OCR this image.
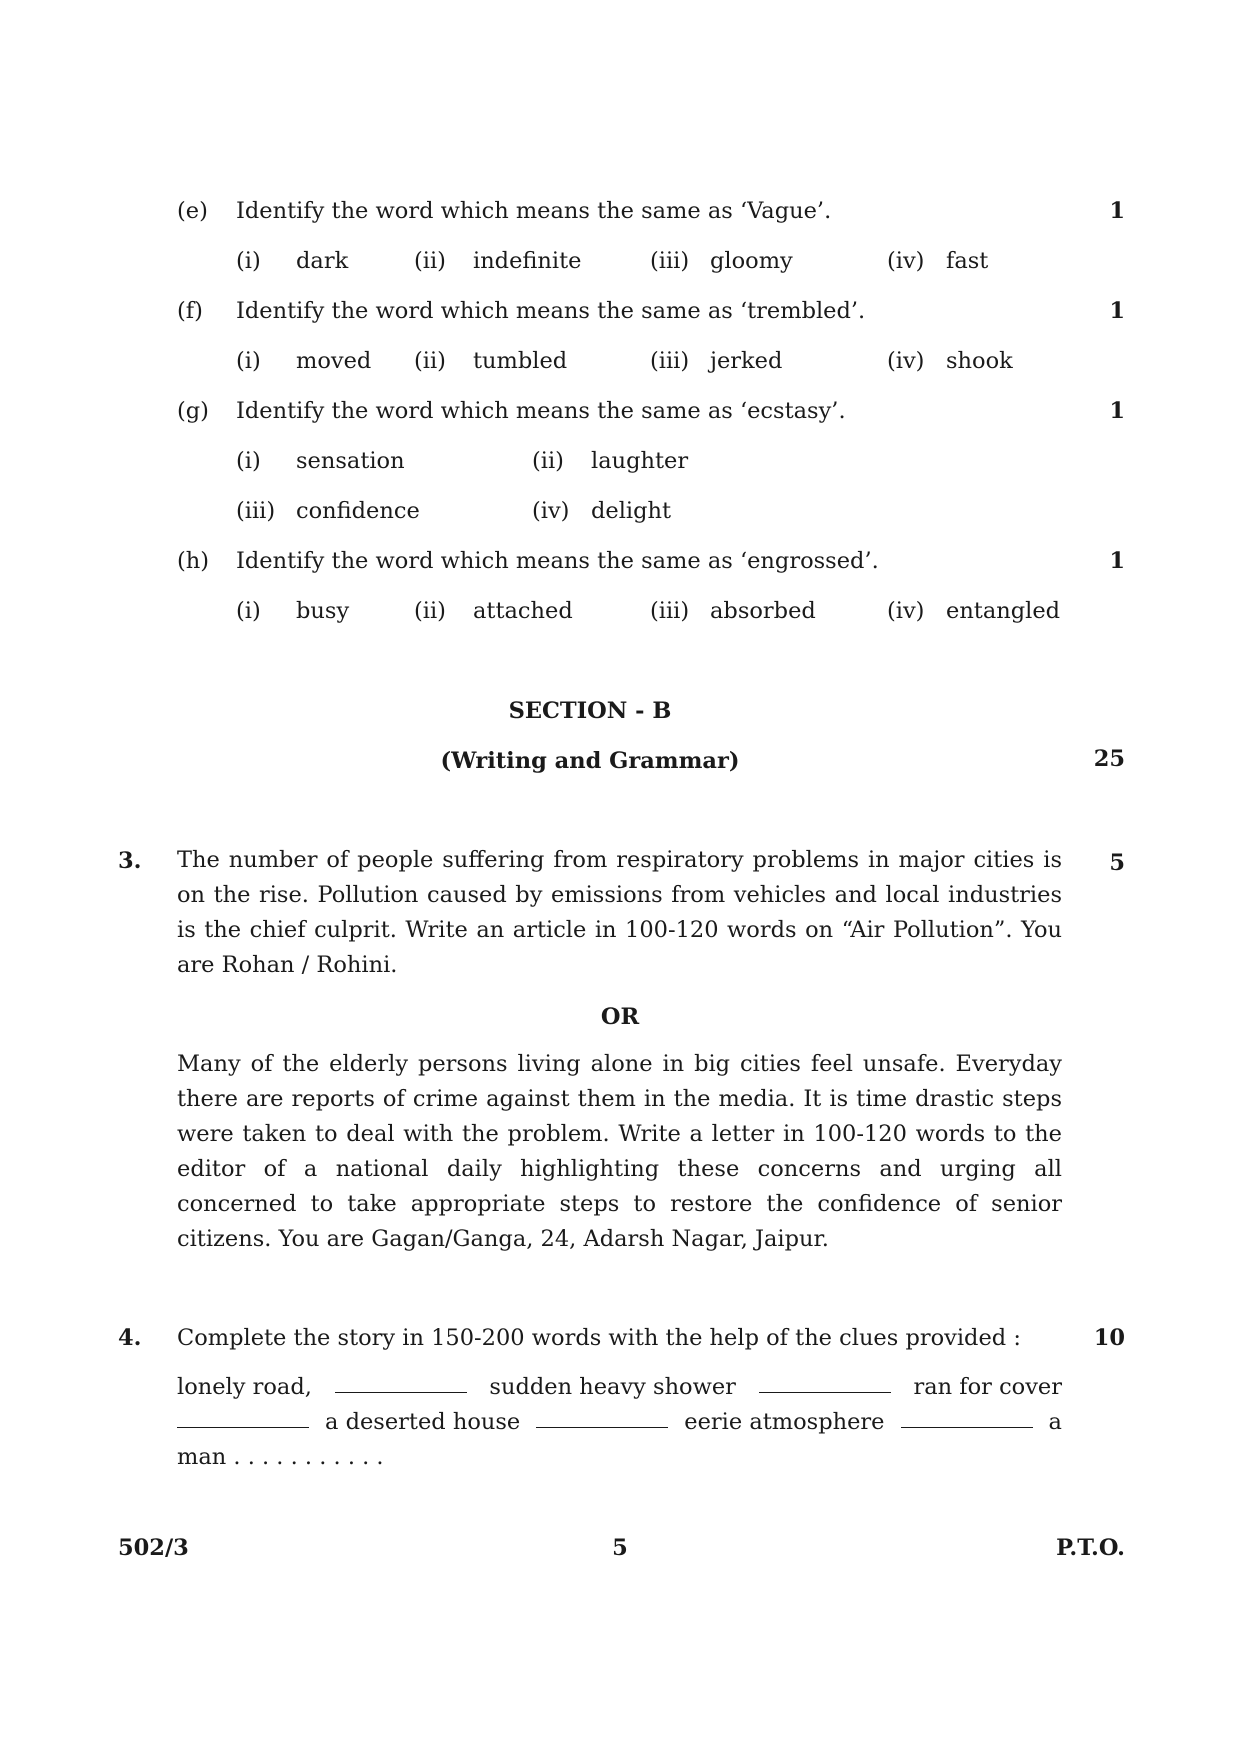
(e) Identify the word which means the same as ‘Vague’.	1
(i) dark	(ii) indefinite	(iii) gloomy	(iv) fast
(f) Identify the word which means the same as ‘trembled’.	1
(i) moved (ii) tumbled	(iii) jerked	(iv) shook
(g) Identify the word which means the same as ‘ecstasy’.	1
(i) sensation	(ii) laughter
(iii) confidence	(iv) delight
(h) Identify the word which means the same as ‘engrossed’.	1
(i) busy	(ii) attached	(iii) absorbed	(iv) entangled
SECTION - B
(Writing and Grammar)	25
3.	5
The number of people suffering from respiratory problems in major cities is on the rise. Pollution caused by emissions from vehicles and local industries is the chief culprit. Write an article in 100-120 words on “Air Pollution”. You are Rohan / Rohini.
OR
Many of the elderly persons living alone in big cities feel unsafe. Everyday there are reports of crime against them in the media. It is time drastic steps were taken to deal with the problem. Write a letter in 100-120 words to the editor of a national daily highlighting these concerns and urging all concerned to take appropriate steps to restore the confidence of senior citizens. You are Gagan/Ganga, 24, Adarsh Nagar, Jaipur.
4.	10
Complete the story in 150-200 words with the help of the clues provided :
lonely road,	sudden heavy shower	ran for cover
a deserted house	eerie atmosphere	a
man . . . . . . . . . . .
502/3	5	P.T.O.
